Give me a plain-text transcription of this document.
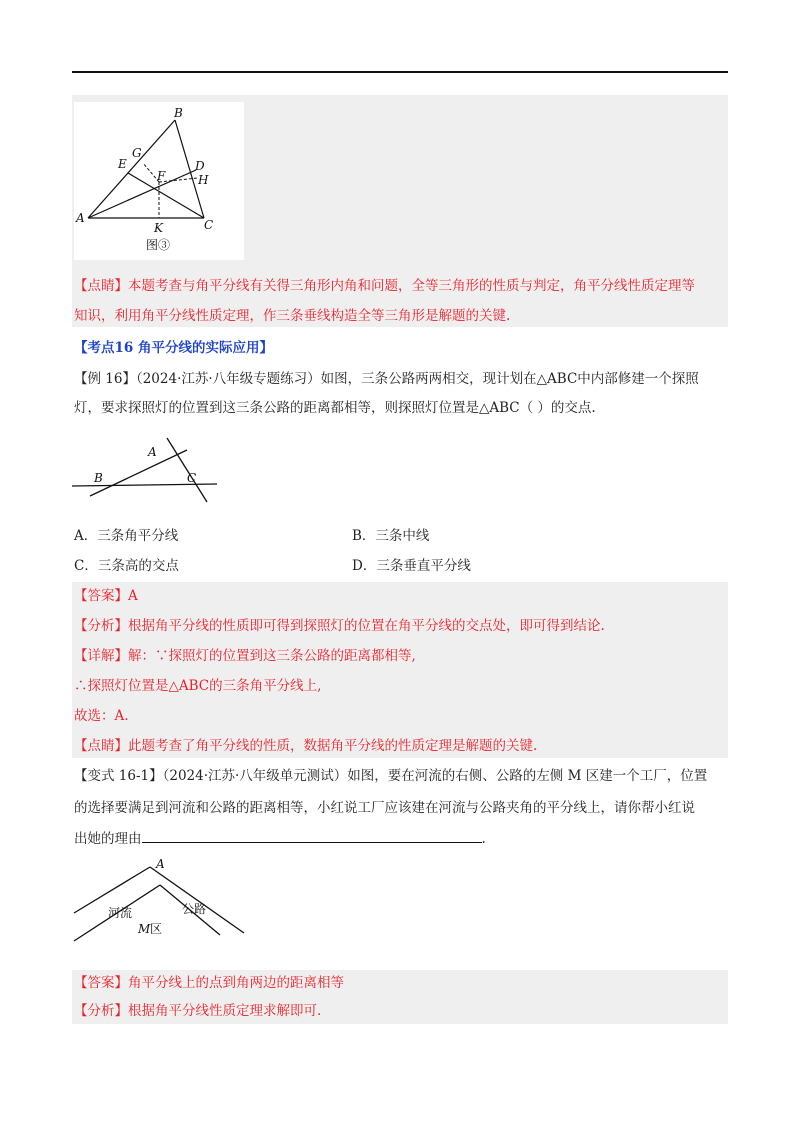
B
E
G
D
H
F
A	C
K
图③
【点睛】本题考查与角平分线有关得三角形内角和问题，全等三角形的性质与判定，角平分线性质定理等
知识，利用角平分线性质定理，作三条垂线构造全等三角形是解题的关键.
【考点16 角平分线的实际应用】
【例 16】（2024·江苏·八年级专题练习）如图，三条公路两两相交，现计划在△ABC中内部修建一个探照
灯，要求探照灯的位置到这三条公路的距离都相等，则探照灯位置是△ABC（ ）的交点.
A
B	C
A．三条角平分线	B．三条中线
C．三条高的交点	D．三条垂直平分线
【答案】A
【分析】根据角平分线的性质即可得到探照灯的位置在角平分线的交点处，即可得到结论.
【详解】解：∵探照灯的位置到这三条公路的距离都相等,
∴探照灯位置是△ABC的三条角平分线上,
故选：A.
【点睛】此题考查了角平分线的性质，数据角平分线的性质定理是解题的关键.
【变式 16-1】（2024·江苏·八年级单元测试）如图，要在河流的右侧、公路的左侧 M 区建一个工厂，位置
的选择要满足到河流和公路的距离相等，小红说工厂应该建在河流与公路夹角的平分线上，请你帮小红说
出她的理由	.
A
河流	公路
M 区
【答案】角平分线上的点到角两边的距离相等
【分析】根据角平分线性质定理求解即可.
